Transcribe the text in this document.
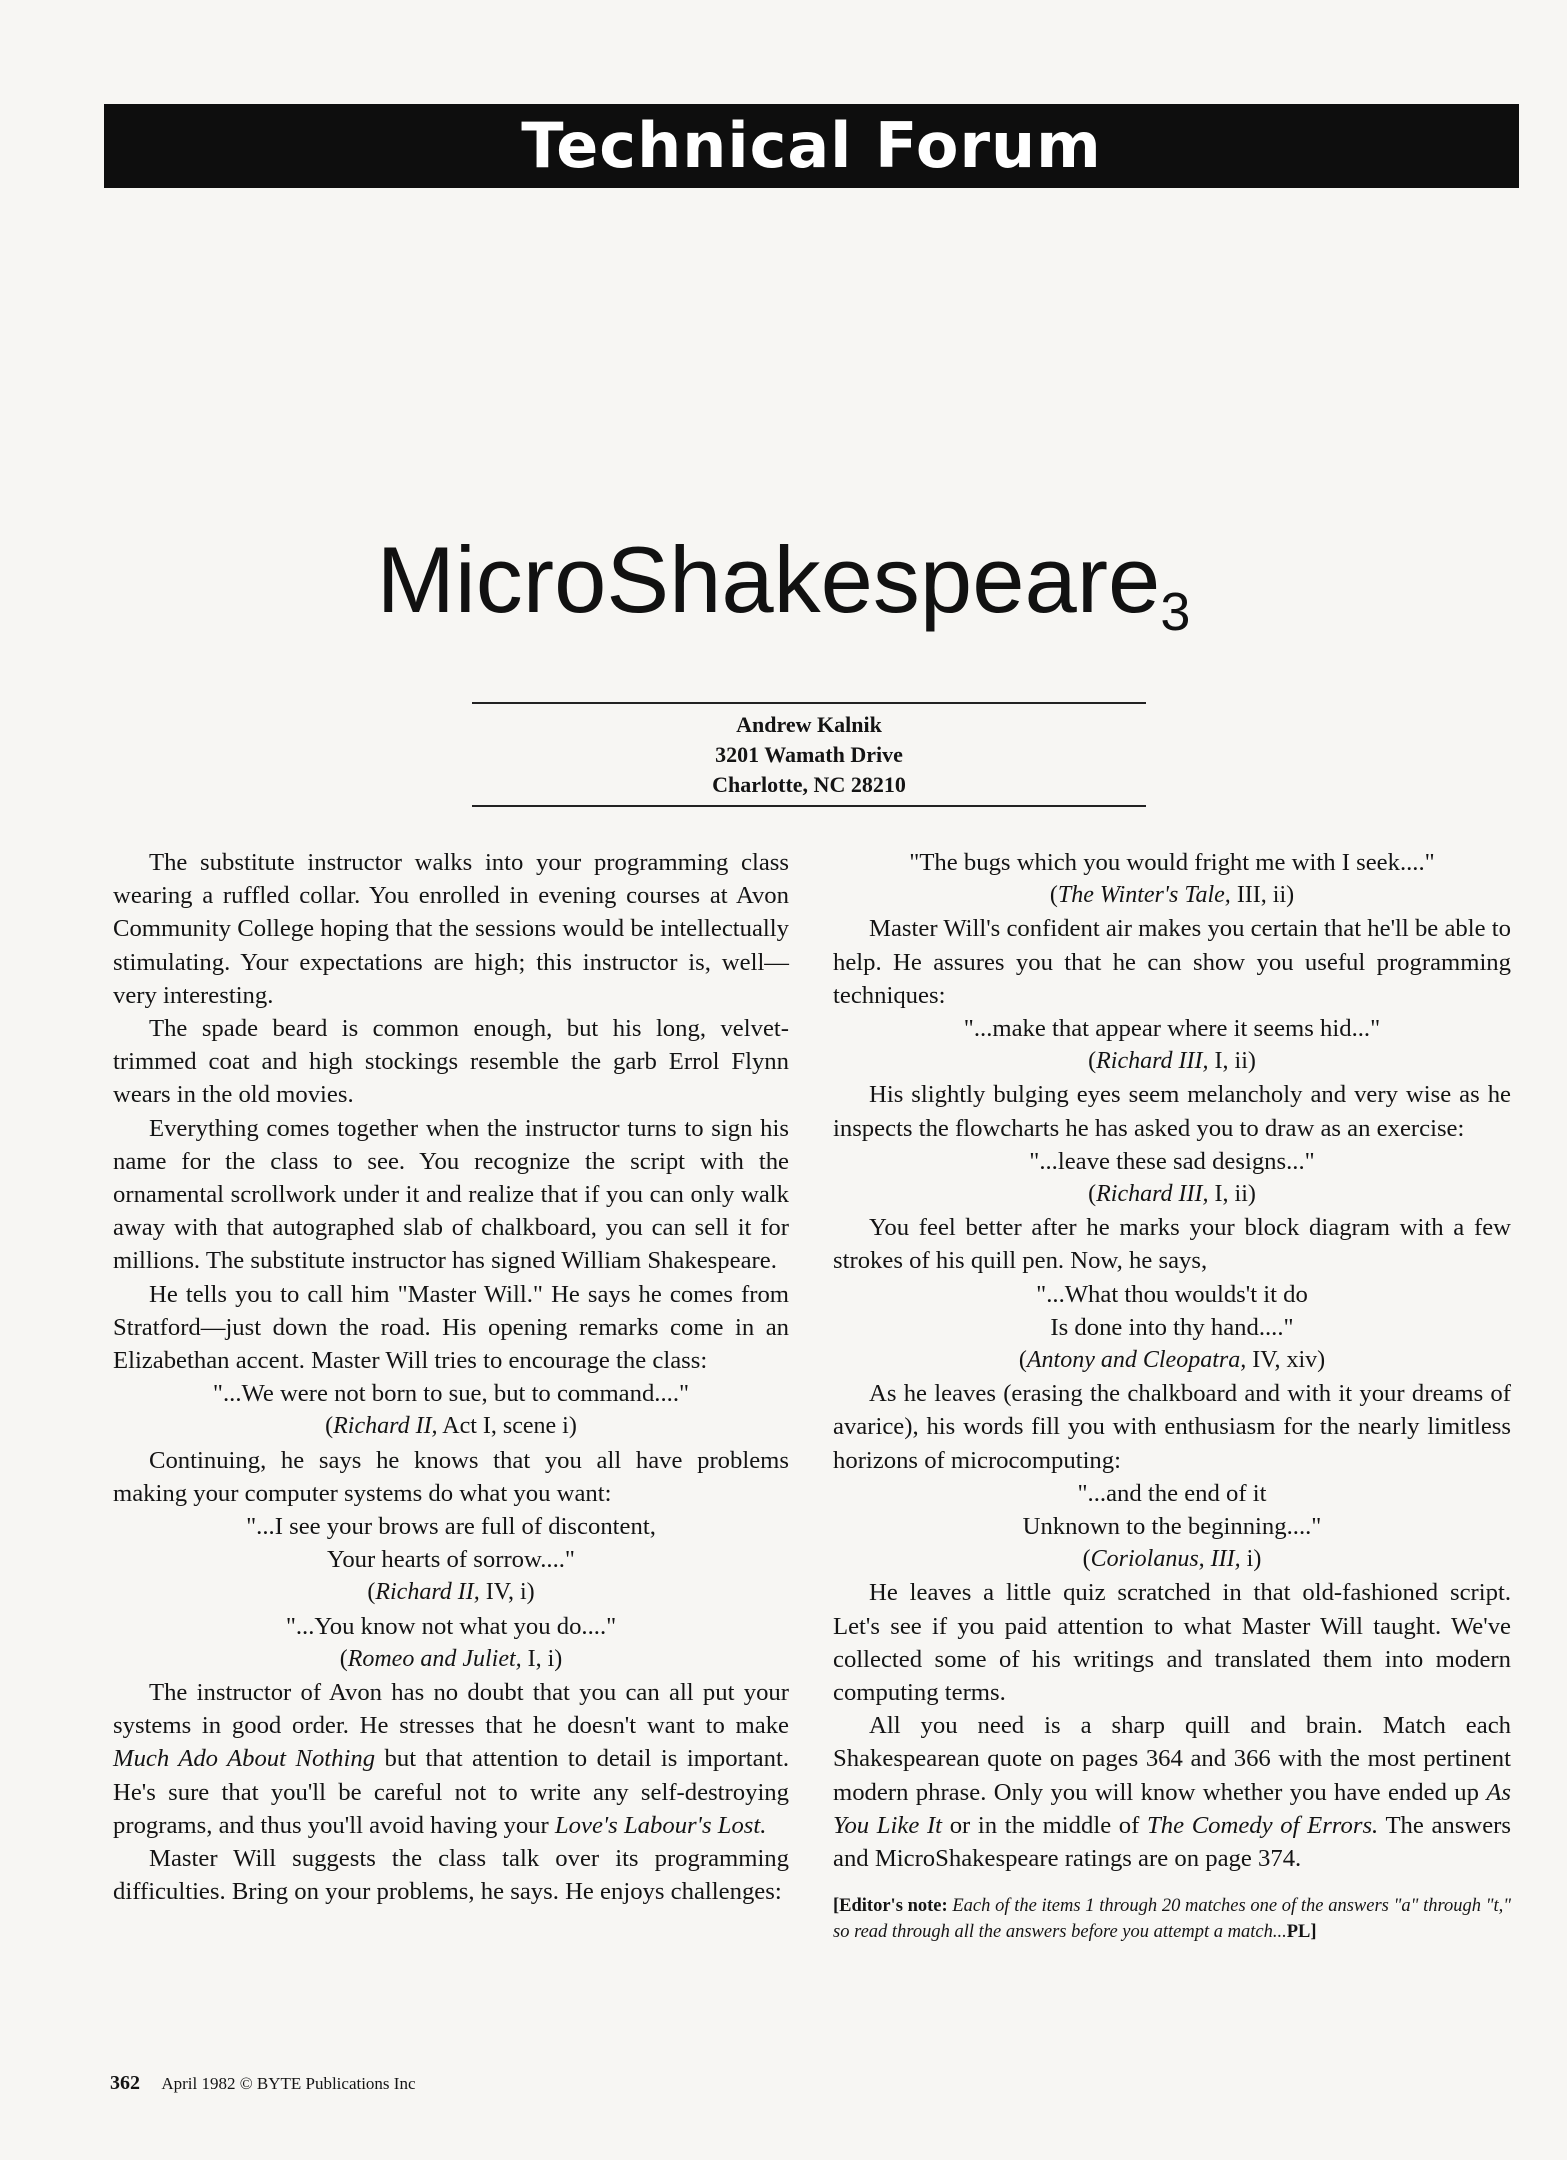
Technical Forum
MicroShakespeare$_3$
Andrew Kalnik
3201 Wamath Drive
Charlotte, NC 28210

The substitute instructor walks into your programming class wearing a ruffled collar. You enrolled in evening courses at Avon Community College hoping that the sessions would be intellectually stimulating. Your expectations are high; this instructor is, well—very interesting.

The spade beard is common enough, but his long, velvet-trimmed coat and high stockings resemble the garb Errol Flynn wears in the old movies.

Everything comes together when the instructor turns to sign his name for the class to see. You recognize the script with the ornamental scrollwork under it and realize that if you can only walk away with that autographed slab of chalkboard, you can sell it for millions. The substitute instructor has signed William Shakespeare.

He tells you to call him "Master Will." He says he comes from Stratford—just down the road. His opening remarks come in an Elizabethan accent. Master Will tries to encourage the class:

"...We were not born to sue, but to command...."

(Richard II, Act I, scene i)

Continuing, he says he knows that you all have problems making your computer systems do what you want:

"...I see your brows are full of discontent,

Your hearts of sorrow...."

(Richard II, IV, i)

"...You know not what you do...."

(Romeo and Juliet, I, i)

The instructor of Avon has no doubt that you can all put your systems in good order. He stresses that he doesn't want to make Much Ado About Nothing but that attention to detail is important. He's sure that you'll be careful not to write any self-destroying programs, and thus you'll avoid having your Love's Labour's Lost.

Master Will suggests the class talk over its programming difficulties. Bring on your problems, he says. He enjoys challenges:

"The bugs which you would fright me with I seek...."

(The Winter's Tale, III, ii)

Master Will's confident air makes you certain that he'll be able to help. He assures you that he can show you useful programming techniques:

"...make that appear where it seems hid..."

(Richard III, I, ii)

His slightly bulging eyes seem melancholy and very wise as he inspects the flowcharts he has asked you to draw as an exercise:

"...leave these sad designs..."

(Richard III, I, ii)

You feel better after he marks your block diagram with a few strokes of his quill pen. Now, he says,

"...What thou woulds't it do

Is done into thy hand...."

(Antony and Cleopatra, IV, xiv)

As he leaves (erasing the chalkboard and with it your dreams of avarice), his words fill you with enthusiasm for the nearly limitless horizons of microcomputing:

"...and the end of it

Unknown to the beginning...."

(Coriolanus, III, i)

He leaves a little quiz scratched in that old-fashioned script. Let's see if you paid attention to what Master Will taught. We've collected some of his writings and translated them into modern computing terms.

All you need is a sharp quill and brain. Match each Shakespearean quote on pages 364 and 366 with the most pertinent modern phrase. Only you will know whether you have ended up As You Like It or in the middle of The Comedy of Errors. The answers and MicroShakespeare ratings are on page 374.

[Editor's note: Each of the items 1 through 20 matches one of the answers "a" through "t," so read through all the answers before you attempt a match...PL]
362 April 1982 © BYTE Publications Inc
